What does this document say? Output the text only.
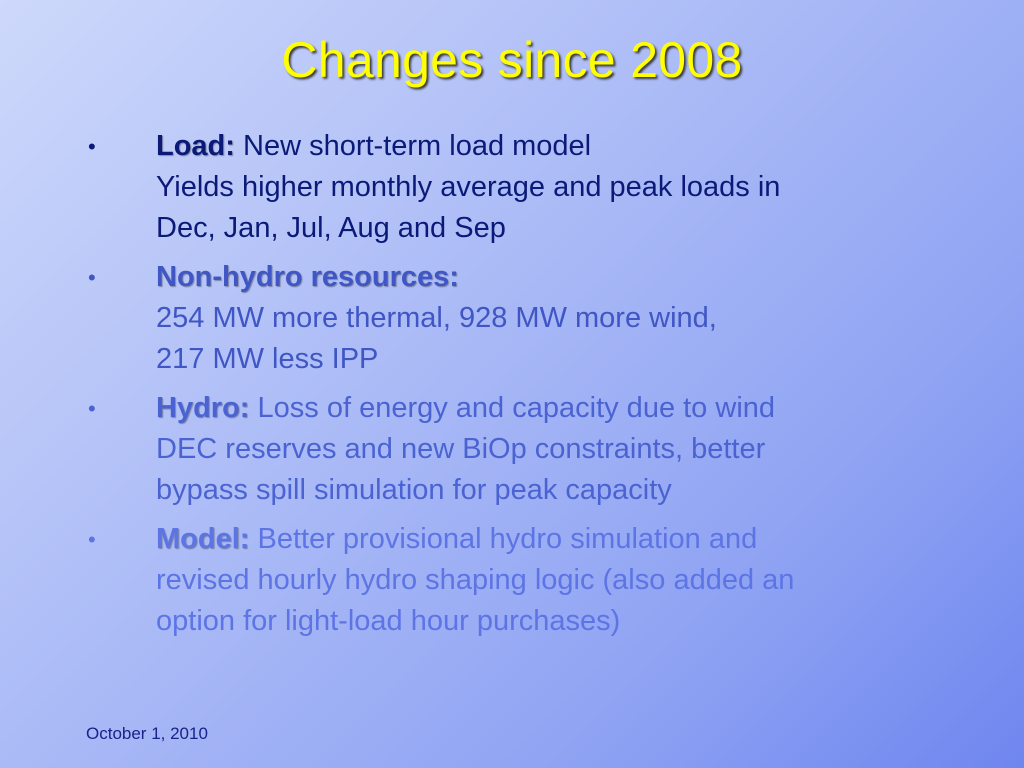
Changes since 2008
•	Load: New short-term load model
Yields higher monthly average and peak loads in
Dec, Jan, Jul, Aug and Sep
•	Non-hydro resources:
254 MW more thermal, 928 MW more wind,
217 MW less IPP
•	Hydro: Loss of energy and capacity due to wind
DEC reserves and new BiOp constraints, better
bypass spill simulation for peak capacity
•	Model: Better provisional hydro simulation and
revised hourly hydro shaping logic (also added an
option for light-load hour purchases)
October 1, 2010
